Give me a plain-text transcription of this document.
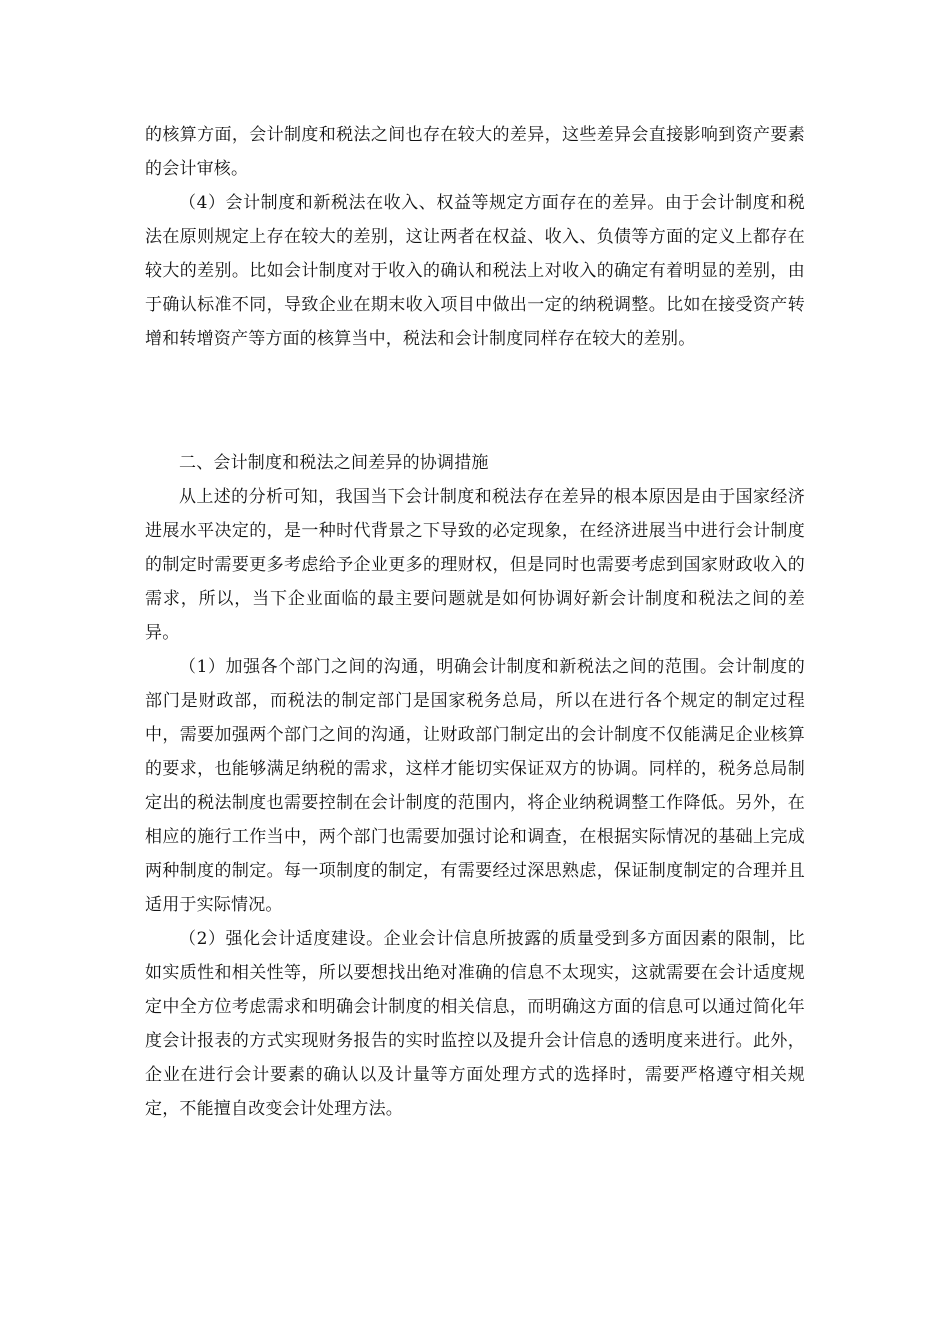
的核算方面，会计制度和税法之间也存在较大的差异，这些差异会直接影响到资产要素的会计审核。

（4）会计制度和新税法在收入、权益等规定方面存在的差异。由于会计制度和税法在原则规定上存在较大的差别，这让两者在权益、收入、负债等方面的定义上都存在较大的差别。比如会计制度对于收入的确认和税法上对收入的确定有着明显的差别，由于确认标准不同，导致企业在期末收入项目中做出一定的纳税调整。比如在接受资产转增和转增资产等方面的核算当中，税法和会计制度同样存在较大的差别。

二、会计制度和税法之间差异的协调措施

从上述的分析可知，我国当下会计制度和税法存在差异的根本原因是由于国家经济进展水平决定的，是一种时代背景之下导致的必定现象，在经济进展当中进行会计制度的制定时需要更多考虑给予企业更多的理财权，但是同时也需要考虑到国家财政收入的需求，所以，当下企业面临的最主要问题就是如何协调好新会计制度和税法之间的差异。

（1）加强各个部门之间的沟通，明确会计制度和新税法之间的范围。会计制度的部门是财政部，而税法的制定部门是国家税务总局，所以在进行各个规定的制定过程中，需要加强两个部门之间的沟通，让财政部门制定出的会计制度不仅能满足企业核算的要求，也能够满足纳税的需求，这样才能切实保证双方的协调。同样的，税务总局制定出的税法制度也需要控制在会计制度的范围内，将企业纳税调整工作降低。另外，在相应的施行工作当中，两个部门也需要加强讨论和调查，在根据实际情况的基础上完成两种制度的制定。每一项制度的制定，有需要经过深思熟虑，保证制度制定的合理并且适用于实际情况。

（2）强化会计适度建设。企业会计信息所披露的质量受到多方面因素的限制，比如实质性和相关性等，所以要想找出绝对准确的信息不太现实，这就需要在会计适度规定中全方位考虑需求和明确会计制度的相关信息，而明确这方面的信息可以通过简化年度会计报表的方式实现财务报告的实时监控以及提升会计信息的透明度来进行。此外，企业在进行会计要素的确认以及计量等方面处理方式的选择时，需要严格遵守相关规定，不能擅自改变会计处理方法。
